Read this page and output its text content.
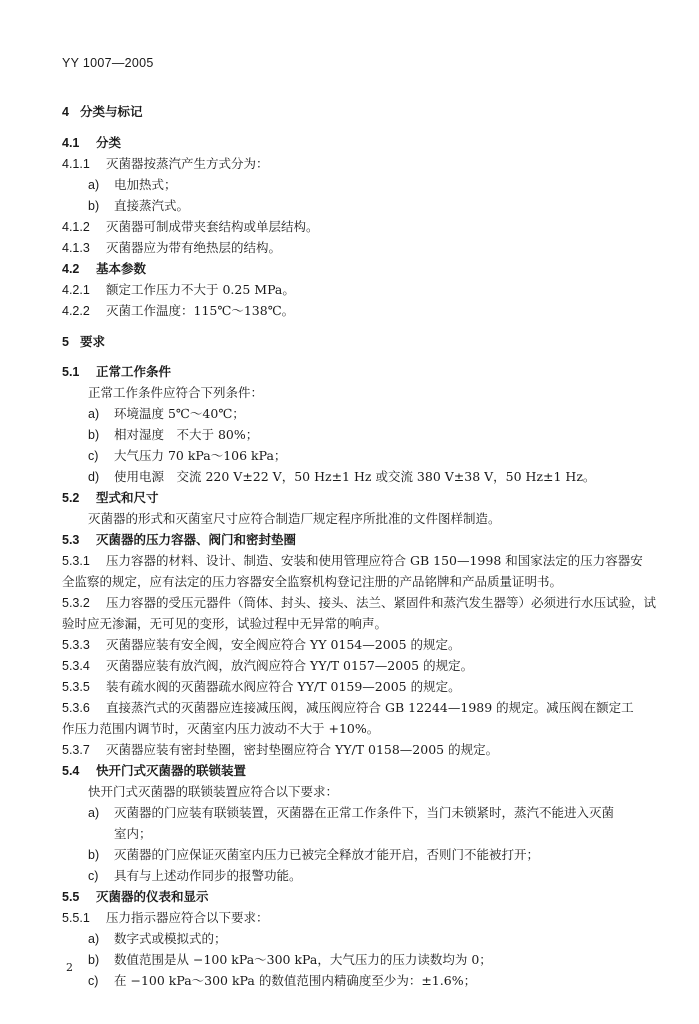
YY 1007—2005
4 分类与标记
4.1 分类
4.1.1 灭菌器按蒸汽产生方式分为：
a) 电加热式；
b) 直接蒸汽式。
4.1.2 灭菌器可制成带夹套结构或单层结构。
4.1.3 灭菌器应为带有绝热层的结构。
4.2 基本参数
4.2.1 额定工作压力不大于 0.25 MPa。
4.2.2 灭菌工作温度：115℃～138℃。
5 要求
5.1 正常工作条件
正常工作条件应符合下列条件：
a) 环境温度 5℃～40℃；
b) 相对湿度　不大于 80%；
c) 大气压力 70 kPa～106 kPa；
d) 使用电源　交流 220 V±22 V，50 Hz±1 Hz 或交流 380 V±38 V，50 Hz±1 Hz。
5.2 型式和尺寸
灭菌器的形式和灭菌室尺寸应符合制造厂规定程序所批准的文件图样制造。
5.3 灭菌器的压力容器、阀门和密封垫圈
5.3.1 压力容器的材料、设计、制造、安装和使用管理应符合 GB 150—1998 和国家法定的压力容器安
全监察的规定，应有法定的压力容器安全监察机构登记注册的产品铭牌和产品质量证明书。
5.3.2 压力容器的受压元器件（筒体、封头、接头、法兰、紧固件和蒸汽发生器等）必须进行水压试验，试
验时应无渗漏，无可见的变形，试验过程中无异常的响声。
5.3.3 灭菌器应装有安全阀，安全阀应符合 YY 0154—2005 的规定。
5.3.4 灭菌器应装有放汽阀，放汽阀应符合 YY/T 0157—2005 的规定。
5.3.5 装有疏水阀的灭菌器疏水阀应符合 YY/T 0159—2005 的规定。
5.3.6 直接蒸汽式的灭菌器应连接减压阀，减压阀应符合 GB 12244—1989 的规定。减压阀在额定工
作压力范围内调节时，灭菌室内压力波动不大于 +10%。
5.3.7 灭菌器应装有密封垫圈，密封垫圈应符合 YY/T 0158—2005 的规定。
5.4 快开门式灭菌器的联锁装置
快开门式灭菌器的联锁装置应符合以下要求：
a) 灭菌器的门应装有联锁装置，灭菌器在正常工作条件下，当门未锁紧时，蒸汽不能进入灭菌
室内；
b) 灭菌器的门应保证灭菌室内压力已被完全释放才能开启，否则门不能被打开；
c) 具有与上述动作同步的报警功能。
5.5 灭菌器的仪表和显示
5.5.1 压力指示器应符合以下要求：
a) 数字式或模拟式的；
b) 数值范围是从 −100 kPa～300 kPa，大气压力的压力读数均为 0；
c) 在 −100 kPa～300 kPa 的数值范围内精确度至少为：±1.6%；
2
